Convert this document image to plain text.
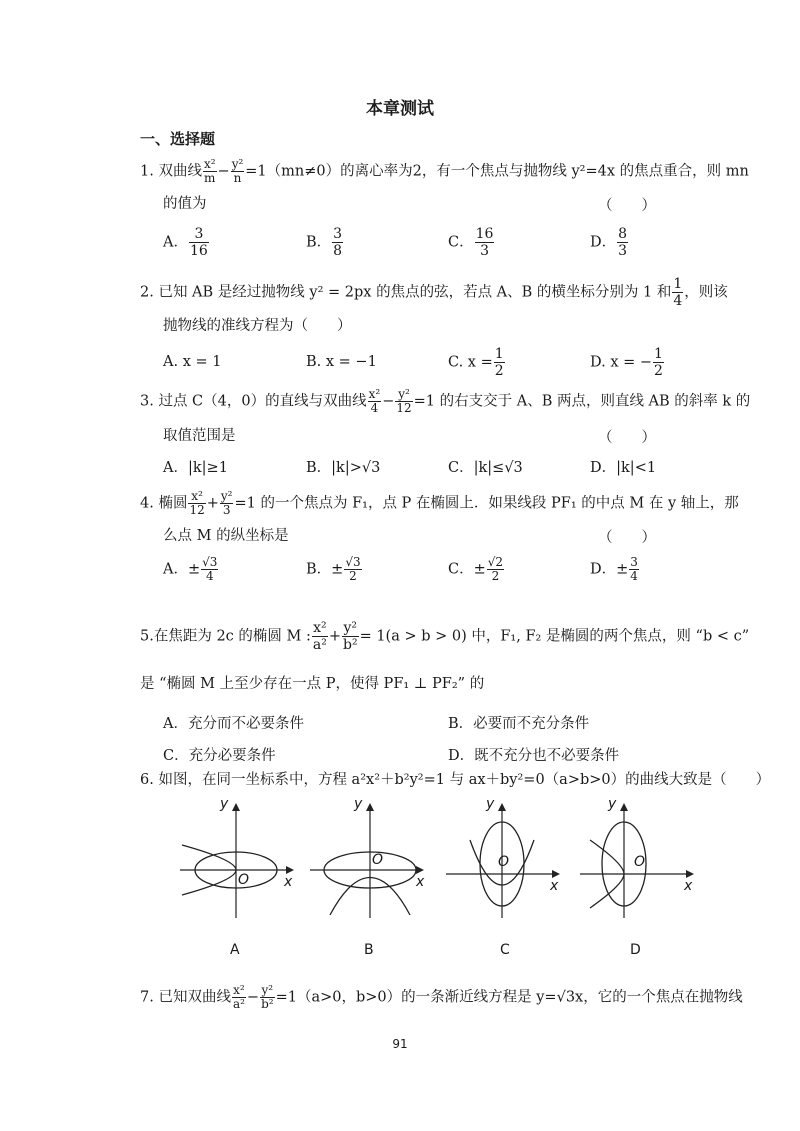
本章测试
一、选择题
1. 双曲线 $\frac{\text{x²}}{m} - \frac{\text{y²}}{n} =1(mn\ne 0)$的离心率为2，有一个焦点与抛物线 y²=4x 的焦点重合，则 mn
的值为	（　　）
A． $\frac{3}{16}$	B． $\frac{3}{8}$	C． $\frac{16}{3}$	D． $\frac{8}{3}$
2. 已知 AB 是经过抛物线 y² = 2px 的焦点的弦，若点 A、B 的横坐标分别为 1 和 $\frac{1}{4}$ ，则该
抛物线的准线方程为（　　）
A. x = 1	B. x = −1	C. $x = \frac{1}{2}$	D. x = − $\frac{1}{2}$
3. 过点 C（4，0）的直线与双曲线 $\frac{\text{x²}}{4} - \frac{\text{y²}}{12} =1$ 的右支交于 A、B 两点，则直线 AB 的斜率 k 的
取值范围是	（　　）
A．|k|≥1	B．|k|>√3	C．|k|≤√3	D．|k|<1
4. 椭圆 $\frac{\text{x²}}{12} + \frac{\text{y²}}{3} =1$ 的一个焦点为 F₁，点 P 在椭圆上．如果线段 PF₁ 的中点 M 在 y 轴上，那
么点 M 的纵坐标是	（　　）
A．± $\frac{√3}{4}$	B．± $\frac{√3}{2}$	C．± $\frac{√2}{2}$	D．± $\frac{3}{4}$
5.在焦距为 2c 的椭圆 M : $\frac{\text{x²}}{\text{a²}} + \frac{\text{y²}}{\text{b²}} = 1(a > b > 0)$ 中，F₁, F₂ 是椭圆的两个焦点，则 “b < c”
是 “椭圆 M 上至少存在一点 P，使得 PF₁ ⊥ PF₂” 的
A．充分而不必要条件	B．必要而不充分条件
C．充分必要条件	D．既不充分也不必要条件
6. 如图，在同一坐标系中，方程 a²x²＋b²y²=1 与 ax＋by²=0（a>b>0）的曲线大致是（　　）
y
x
O
A
y
x
O
B
y
x
O
C
y
x
O
D
7. 已知双曲线 $\frac{\text{x²}}{\text{a²}} - \frac{\text{y²}}{\text{b²}} =1(a>0$，b>0）的一条渐近线方程是 y=√3x，它的一个焦点在抛物线
91
